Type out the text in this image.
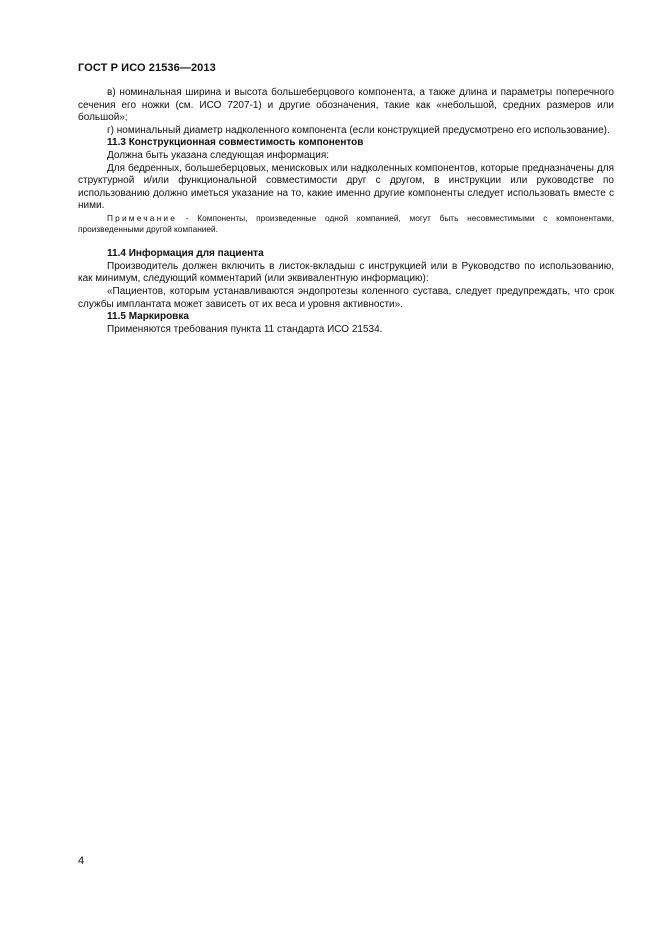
ГОСТ Р ИСО 21536—2013

в) номинальная ширина и высота большеберцового компонента, а также длина и параметры поперечного сечения его ножки (см. ИСО 7207-1) и другие обозначения, такие как «небольшой, средних размеров или большой»;

г) номинальный диаметр надколенного компонента (если конструкцией предусмотрено его использование).

11.3 Конструкционная совместимость компонентов

Должна быть указана следующая информация:

Для бедренных, большеберцовых, менисковых или надколенных компонентов, которые предназначены для структурной и/или функциональной совместимости друг с другом, в инструкции или руководстве по использованию должно иметься указание на то, какие именно другие компоненты следует использовать вместе с ними.

Примечание - Компоненты, произведенные одной компанией, могут быть несовместимыми с компонентами, произведенными другой компанией.

11.4 Информация для пациента

Производитель должен включить в листок-вкладыш с инструкцией или в Руководство по использованию, как минимум, следующий комментарий (или эквивалентную информацию):

«Пациентов, которым устанавливаются эндопротезы коленного сустава, следует предупреждать, что срок службы имплантата может зависеть от их веса и уровня активности».

11.5 Маркировка

Применяются требования пункта 11 стандарта ИСО 21534.

4
